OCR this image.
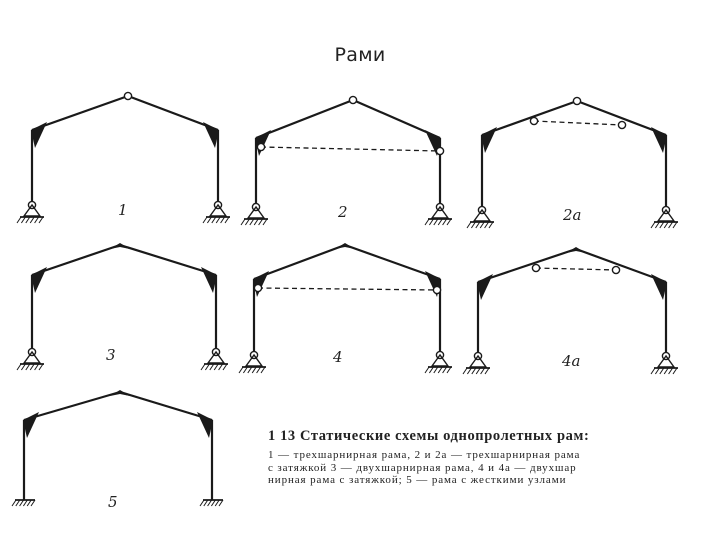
Рами
1	2	2a
3	4	4a
5
1 13 Статические схемы однопролетных рам:
1 — трехшарнирная рама, 2 и 2a — трехшарнирная рама
с затяжкой 3 — двухшарнирная рама, 4 и 4a — двухшар
нирная рама с затяжкой; 5 — рама с жесткими узлами
